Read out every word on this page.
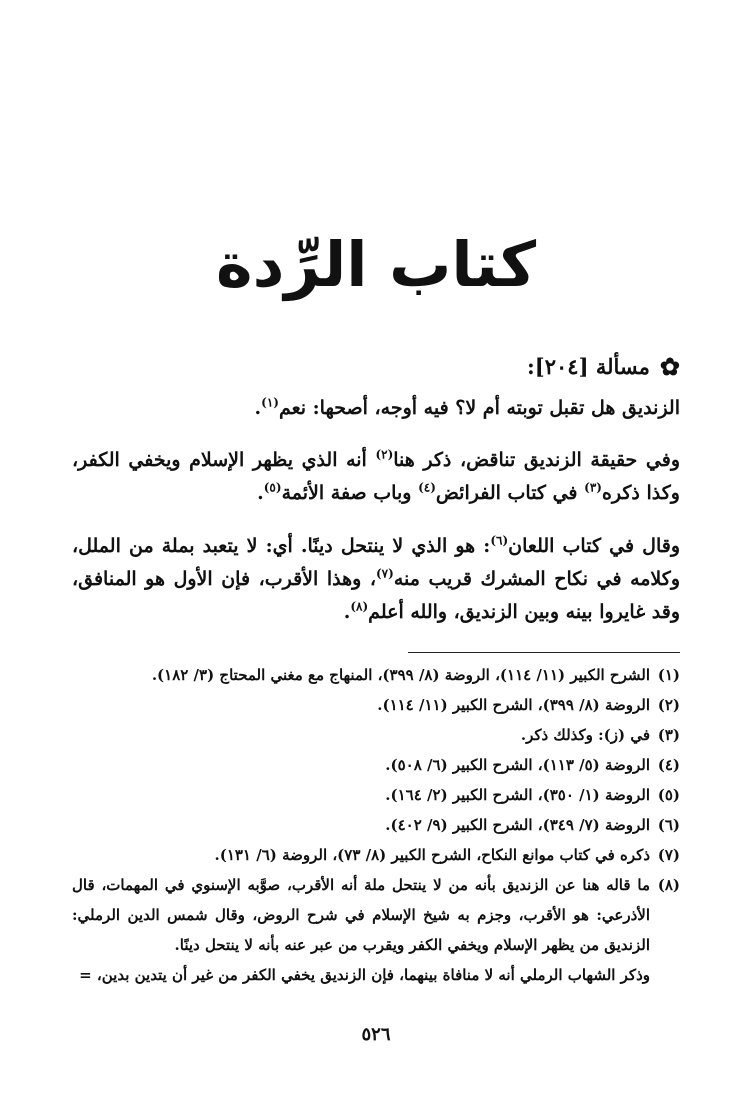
كتاب الرِّدة
✿
مسألة [٢٠٤]:
الزنديق هل تقبل توبته أم لا؟ فيه أوجه، أصحها: نعم$^{(١)}$.
وفي حقيقة الزنديق تناقض، ذكر هنا$^{(٢)}$ أنه الذي يظهر الإسلام ويخفي الكفر، وكذا ذكره$^{(٣)}$ في كتاب الفرائض$^{(٤)}$ وباب صفة الأئمة$^{(٥)}$.
وقال في كتاب اللعان$^{(٦)}$: هو الذي لا ينتحل دينًا. أي: لا يتعبد بملة من الملل، وكلامه في نكاح المشرك قريب منه$^{(٧)}$، وهذا الأقرب، فإن الأول هو المنافق، وقد غايروا بينه وبين الزنديق، والله أعلم$^{(٨)}$.
(١)
الشرح الكبير (١١/ ١١٤)، الروضة (٨/ ٣٩٩)، المنهاج مع مغني المحتاج (٣/ ١٨٢).
(٢)
الروضة (٨/ ٣٩٩)، الشرح الكبير (١١/ ١١٤).
(٣)
في (ز): وكذلك ذكر.
(٤)
الروضة (٥/ ١١٣)، الشرح الكبير (٦/ ٥٠٨).
(٥)
الروضة (١/ ٣٥٠)، الشرح الكبير (٢/ ١٦٤).
(٦)
الروضة (٧/ ٣٤٩)، الشرح الكبير (٩/ ٤٠٢).
(٧)
ذكره في كتاب موانع النكاح، الشرح الكبير (٨/ ٧٣)، الروضة (٦/ ١٣١).
(٨)
ما قاله هنا عن الزنديق بأنه من لا ينتحل ملة أنه الأقرب، صوَّبه الإسنوي في المهمات، قال الأذرعي: هو الأقرب، وجزم به شيخ الإسلام في شرح الروض، وقال شمس الدين الرملي: الزنديق من يظهر الإسلام ويخفي الكفر ويقرب من عبر عنه بأنه لا ينتحل دينًا.
وذكر الشهاب الرملي أنه لا منافاة بينهما، فإن الزنديق يخفي الكفر من غير أن يتدين بدين، =
٥٢٦
